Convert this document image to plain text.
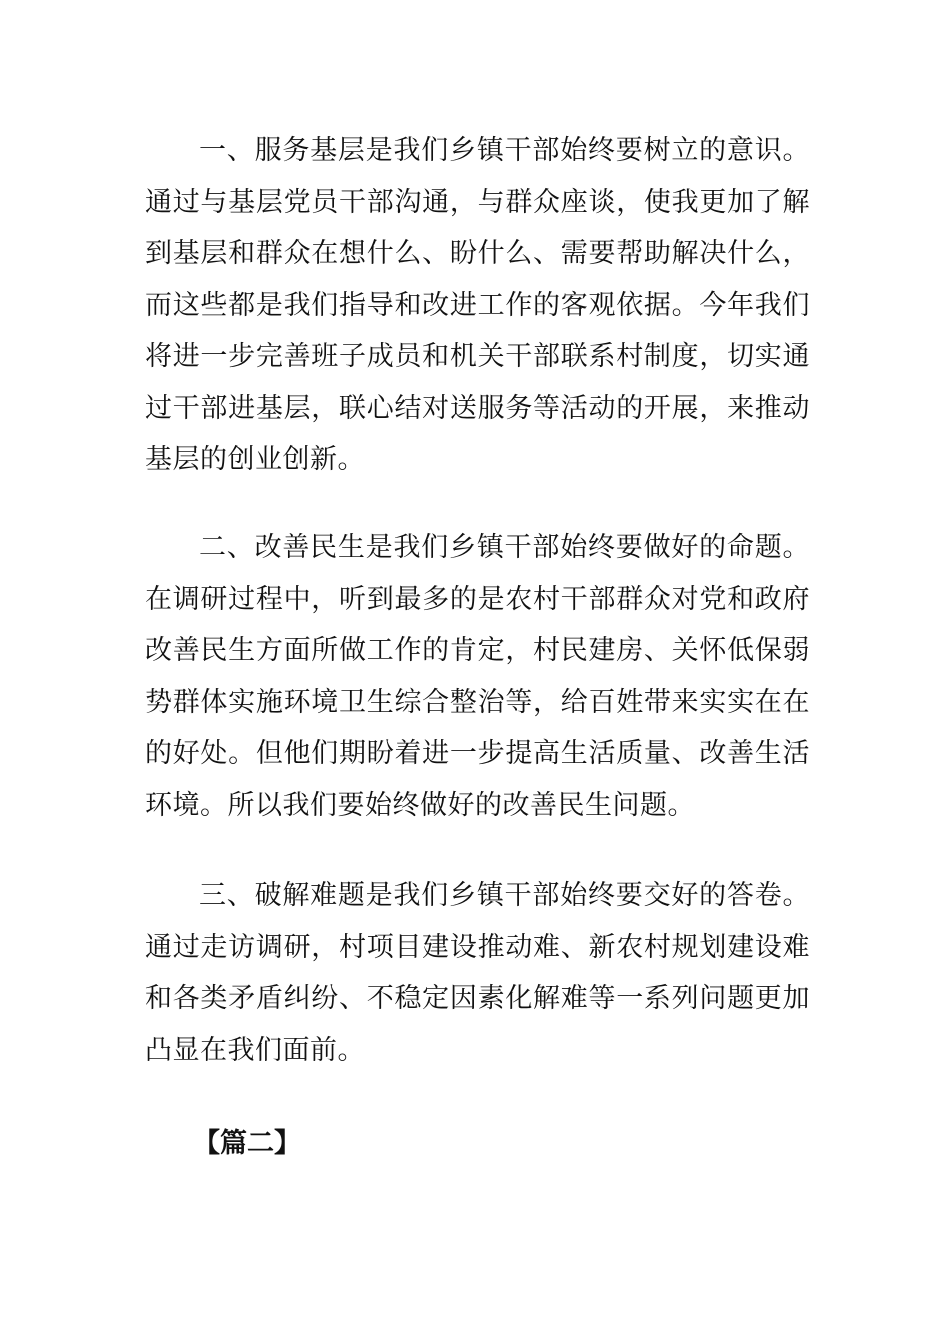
一、服务基层是我们乡镇干部始终要树立的意识。通过与基层党员干部沟通，与群众座谈，使我更加了解到基层和群众在想什么、盼什么、需要帮助解决什么，而这些都是我们指导和改进工作的客观依据。今年我们将进一步完善班子成员和机关干部联系村制度，切实通过干部进基层，联心结对送服务等活动的开展，来推动基层的创业创新。

二、改善民生是我们乡镇干部始终要做好的命题。在调研过程中，听到最多的是农村干部群众对党和政府改善民生方面所做工作的肯定，村民建房、关怀低保弱势群体实施环境卫生综合整治等，给百姓带来实实在在的好处。但他们期盼着进一步提高生活质量、改善生活环境。所以我们要始终做好的改善民生问题。

三、破解难题是我们乡镇干部始终要交好的答卷。通过走访调研，村项目建设推动难、新农村规划建设难和各类矛盾纠纷、不稳定因素化解难等一系列问题更加凸显在我们面前。

【篇二】
